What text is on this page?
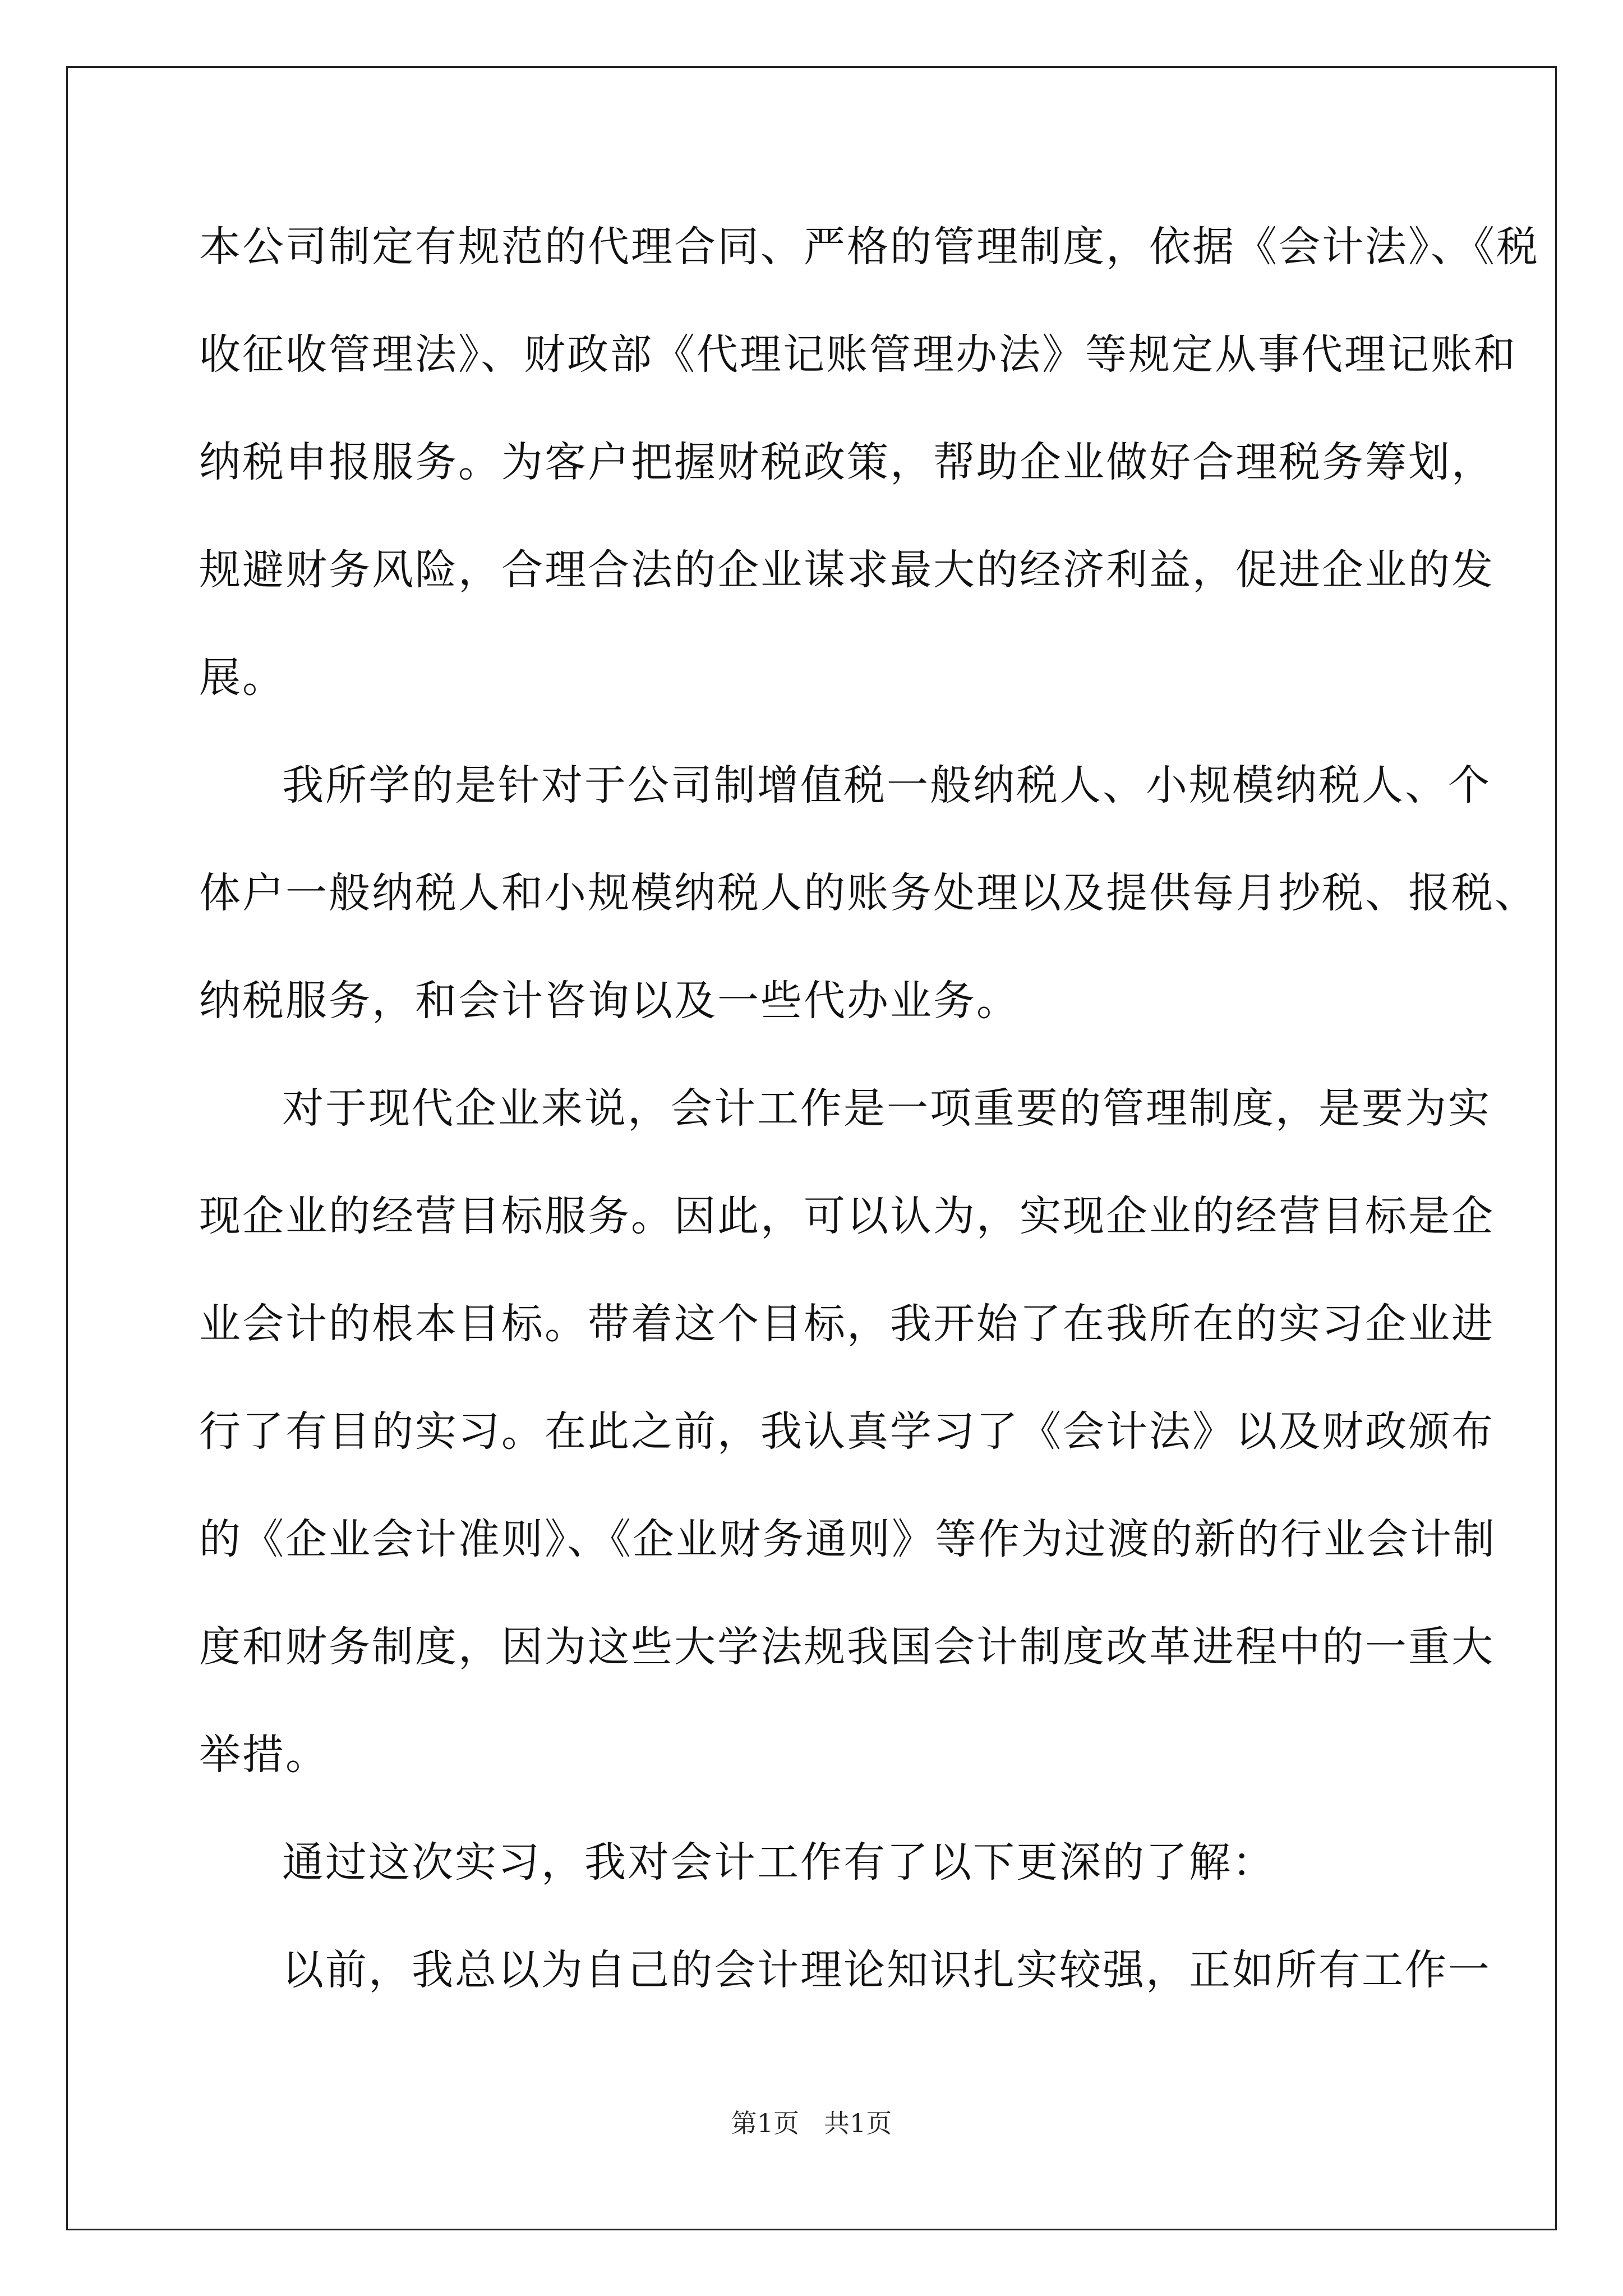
本公司制定有规范的代理合同、严格的管理制度，依据《会计法》、《税
收征收管理法》、财政部《代理记账管理办法》等规定从事代理记账和
纳税申报服务。为客户把握财税政策，帮助企业做好合理税务筹划，
规避财务风险，合理合法的企业谋求最大的经济利益，促进企业的发
展。
我所学的是针对于公司制增值税一般纳税人、小规模纳税人、个
体户一般纳税人和小规模纳税人的账务处理以及提供每月抄税、报税、
纳税服务，和会计咨询以及一些代办业务。
对于现代企业来说，会计工作是一项重要的管理制度，是要为实
现企业的经营目标服务。因此，可以认为，实现企业的经营目标是企
业会计的根本目标。带着这个目标，我开始了在我所在的实习企业进
行了有目的实习。在此之前，我认真学习了《会计法》以及财政颁布
的《企业会计准则》、《企业财务通则》等作为过渡的新的行业会计制
度和财务制度，因为这些大学法规我国会计制度改革进程中的一重大
举措。
通过这次实习，我对会计工作有了以下更深的了解：
以前，我总以为自己的会计理论知识扎实较强，正如所有工作一
第1页 共1页
